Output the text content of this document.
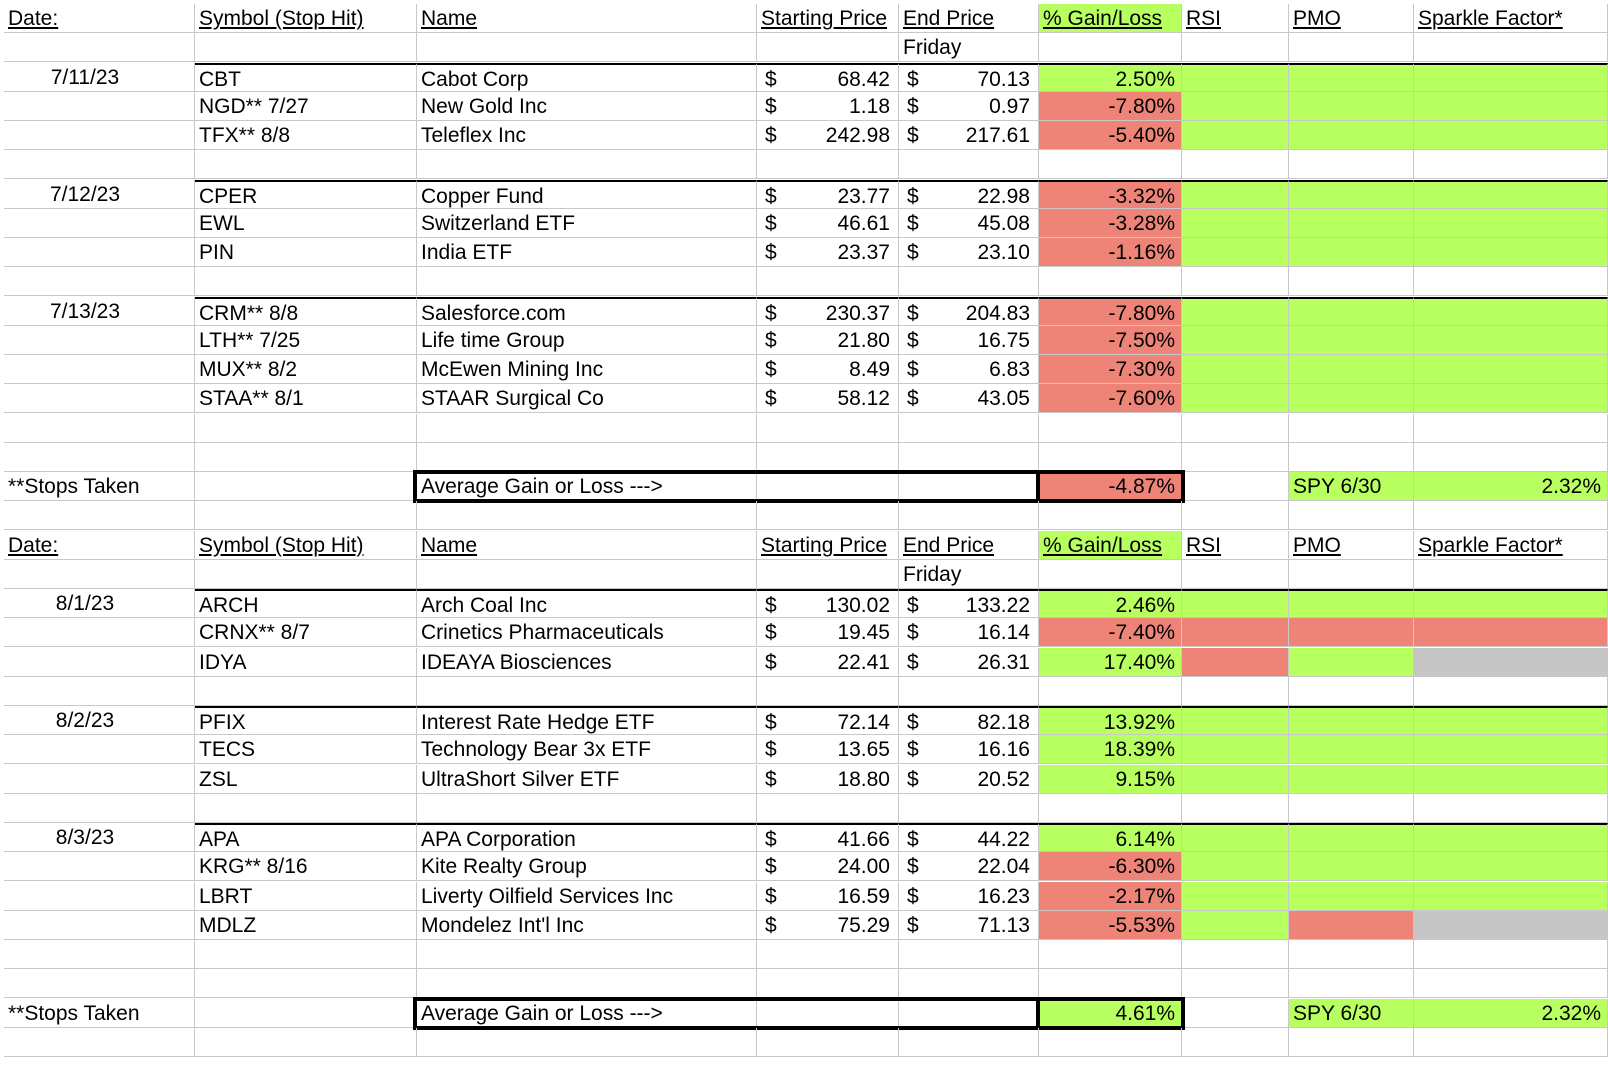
Date:	Symbol (Stop Hit)	Name	Starting Price End Price	% Gain/Loss	RSI	PMO	Sparkle Factor*
Friday
7/11/23	CBT	Cabot Corp	$	68.42 $	70.13	2.50%
NGD** 7/27	New Gold Inc	$	1.18 $	0.97	-7.80%
TFX** 8/8	Teleflex Inc	$ 242.98 $ 217.61	-5.40%
7/12/23	CPER	Copper Fund	$	23.77 $	22.98	-3.32%
EWL	Switzerland ETF	$	46.61 $	45.08	-3.28%
PIN	India ETF	$	23.37 $	23.10	-1.16%
7/13/23	CRM** 8/8	Salesforce.com	$ 230.37 $ 204.83	-7.80%
LTH** 7/25	Life time Group	$	21.80 $	16.75	-7.50%
MUX** 8/2	McEwen Mining Inc	$	8.49 $	6.83	-7.30%
STAA** 8/1	STAAR Surgical Co	$	58.12 $	43.05	-7.60%
**Stops Taken	Average Gain or Loss --->	-4.87%	SPY 6/30	2.32%
Date:	Symbol (Stop Hit)	Name	Starting Price End Price	% Gain/Loss	RSI	PMO	Sparkle Factor*
Friday
8/1/23	ARCH	Arch Coal Inc	$ 130.02 $ 133.22	2.46%
CRNX** 8/7	Crinetics Pharmaceuticals	$	19.45 $	16.14	-7.40%
IDYA	IDEAYA Biosciences	$	22.41 $	26.31	17.40%
8/2/23	PFIX	Interest Rate Hedge ETF	$	72.14 $	82.18	13.92%
TECS	Technology Bear 3x ETF	$	13.65 $	16.16	18.39%
ZSL	UltraShort Silver ETF	$	18.80 $	20.52	9.15%
8/3/23	APA	APA Corporation	$	41.66 $	44.22	6.14%
KRG** 8/16	Kite Realty Group	$	24.00 $	22.04	-6.30%
LBRT	Liverty Oilfield Services Inc	$	16.59 $	16.23	-2.17%
MDLZ	Mondelez Int'l Inc	$	75.29 $	71.13	-5.53%
**Stops Taken	Average Gain or Loss --->	4.61%	SPY 6/30	2.32%
